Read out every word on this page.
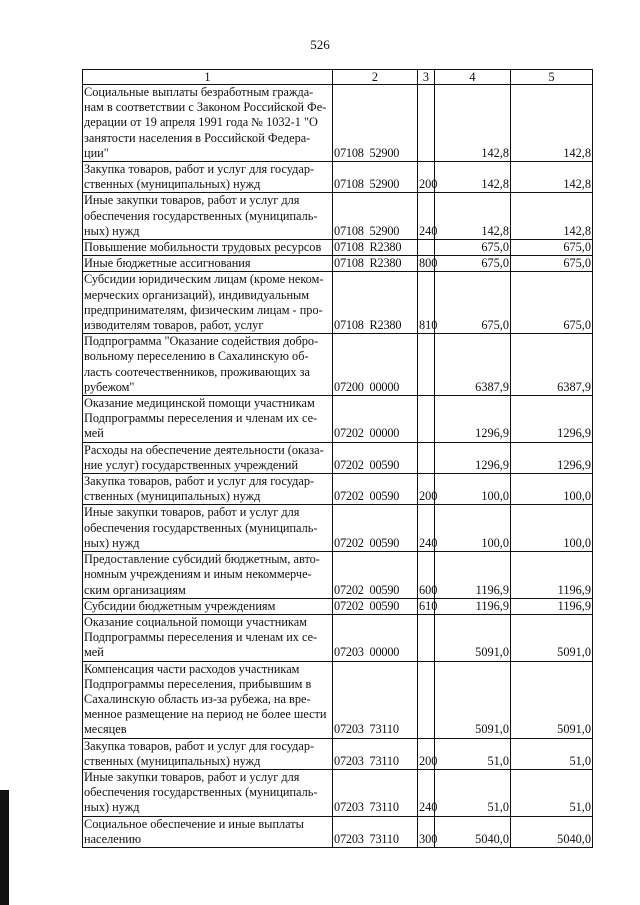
526
1	2	3	4	5
Социальные выплаты безработным гражда-
нам в соответствии с Законом Российской Фе-
дерации от 19 апреля 1991 года № 1032-1 "О
занятости населения в Российской Федера-
ции"	07108  52900		142,8	142,8
Закупка товаров, работ и услуг для государ-
ственных (муниципальных) нужд	07108  52900	200	142,8	142,8
Иные закупки товаров, работ и услуг для
обеспечения государственных (муниципаль-
ных) нужд	07108  52900	240	142,8	142,8
Повышение мобильности трудовых ресурсов	07108  R2380		675,0	675,0
Иные бюджетные ассигнования	07108  R2380	800	675,0	675,0
Субсидии юридическим лицам (кроме неком-
мерческих организаций), индивидуальным
предпринимателям, физическим лицам - про-
изводителям товаров, работ, услуг	07108  R2380	810	675,0	675,0
Подпрограмма "Оказание содействия добро-
вольному переселению в Сахалинскую об-
ласть соотечественников, проживающих за
рубежом"	07200  00000		6387,9	6387,9
Оказание медицинской помощи участникам
Подпрограммы переселения и членам их се-
мей	07202  00000		1296,9	1296,9
Расходы на обеспечение деятельности (оказа-
ние услуг) государственных учреждений	07202  00590		1296,9	1296,9
Закупка товаров, работ и услуг для государ-
ственных (муниципальных) нужд	07202  00590	200	100,0	100,0
Иные закупки товаров, работ и услуг для
обеспечения государственных (муниципаль-
ных) нужд	07202  00590	240	100,0	100,0
Предоставление субсидий бюджетным, авто-
номным учреждениям и иным некоммерче-
ским организациям	07202  00590	600	1196,9	1196,9
Субсидии бюджетным учреждениям	07202  00590	610	1196,9	1196,9
Оказание социальной помощи участникам
Подпрограммы переселения и членам их се-
мей	07203  00000		5091,0	5091,0
Компенсация части расходов участникам
Подпрограммы переселения, прибывшим в
Сахалинскую область из-за рубежа, на вре-
менное размещение на период не более шести
месяцев	07203  73110		5091,0	5091,0
Закупка товаров, работ и услуг для государ-
ственных (муниципальных) нужд	07203  73110	200	51,0	51,0
Иные закупки товаров, работ и услуг для
обеспечения государственных (муниципаль-
ных) нужд	07203  73110	240	51,0	51,0
Социальное обеспечение и иные выплаты
населению	07203  73110	300	5040,0	5040,0
